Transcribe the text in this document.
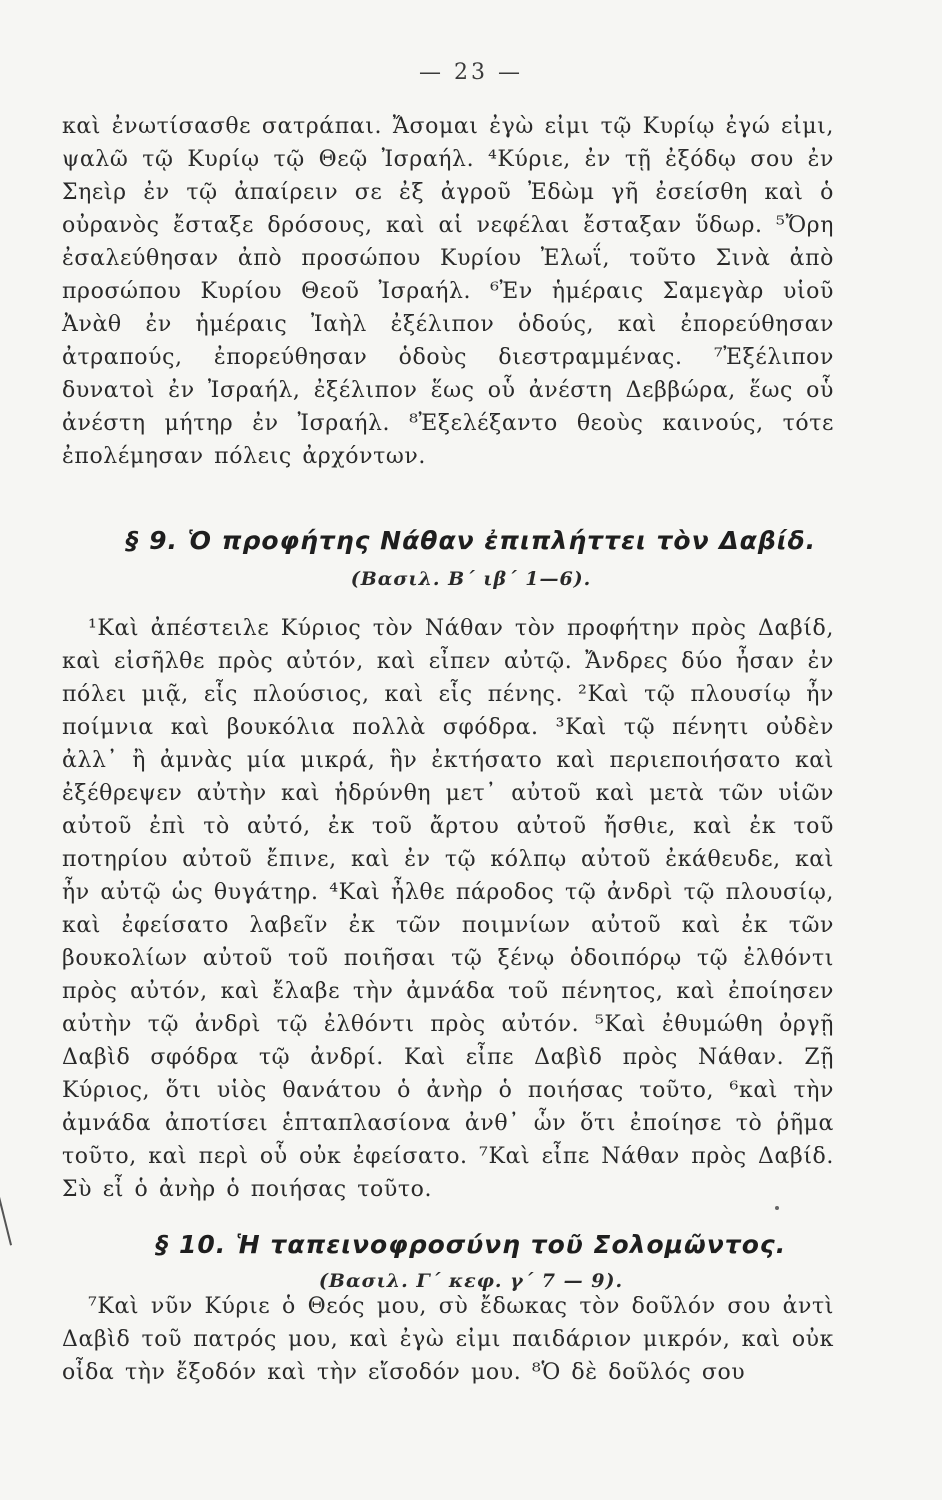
— 23 —

καὶ ἐνωτίσασθε σατράπαι. Ἄσομαι ἐγὼ εἰμι τῷ Κυρίῳ ἐγώ εἰμι, ψαλῶ τῷ Κυρίῳ τῷ Θεῷ Ἰσραήλ. ⁴Κύριε, ἐν τῇ ἐξόδῳ σου ἐν Σηεὶρ ἐν τῷ ἀπαίρειν σε ἐξ ἀγροῦ Ἐδὼμ γῆ ἐσείσθη καὶ ὁ οὐρανὸς ἔσταξε δρόσους, καὶ αἱ νεφέλαι ἔσταξαν ὕδωρ. ⁵Ὄρη ἐσαλεύθησαν ἀπὸ προσώπου Κυρίου Ἐλωΐ, τοῦτο Σινὰ ἀπὸ προσώπου Κυρίου Θεοῦ Ἰσραήλ. ⁶Ἐν ἡμέραις Σαμεγὰρ υἱοῦ Ἀνὰθ ἐν ἡμέραις Ἰαὴλ ἐξέλιπον ὁδούς, καὶ ἐπορεύθησαν ἀτραπούς, ἐπορεύθησαν ὁδοὺς διεστραμμένας. ⁷Ἐξέλιπον δυνατοὶ ἐν Ἰσραήλ, ἐξέλιπον ἕως οὗ ἀνέστη Δεββώρα, ἕως οὗ ἀνέστη μήτηρ ἐν Ἰσραήλ. ⁸Ἐξελέξαντο θεοὺς καινούς, τότε ἐπολέμησαν πόλεις ἀρχόντων.

§ 9. Ὁ προφήτης Νάθαν ἐπιπλήττει τὸν Δαβίδ.
(Βασιλ. Β΄ ιβ΄ 1—6).

¹Καὶ ἀπέστειλε Κύριος τὸν Νάθαν τὸν προφήτην πρὸς Δαβίδ, καὶ εἰσῆλθε πρὸς αὐτόν, καὶ εἶπεν αὐτῷ. Ἄνδρες δύο ἦσαν ἐν πόλει μιᾷ, εἷς πλούσιος, καὶ εἷς πένης. ²Καὶ τῷ πλουσίῳ ἦν ποίμνια καὶ βουκόλια πολλὰ σφόδρα. ³Καὶ τῷ πένητι οὐδὲν ἀλλ᾿ ἢ ἀμνὰς μία μικρά, ἣν ἐκτήσατο καὶ περιεποιήσατο καὶ ἐξέθρεψεν αὐτὴν καὶ ἡδρύνθη μετ᾿ αὐτοῦ καὶ μετὰ τῶν υἱῶν αὐτοῦ ἐπὶ τὸ αὐτό, ἐκ τοῦ ἄρτου αὐτοῦ ἤσθιε, καὶ ἐκ τοῦ ποτηρίου αὐτοῦ ἔπινε, καὶ ἐν τῷ κόλπῳ αὐτοῦ ἐκάθευδε, καὶ ἦν αὐτῷ ὡς θυγάτηρ. ⁴Καὶ ἦλθε πάροδος τῷ ἀνδρὶ τῷ πλουσίῳ, καὶ ἐφείσατο λαβεῖν ἐκ τῶν ποιμνίων αὐτοῦ καὶ ἐκ τῶν βουκολίων αὐτοῦ τοῦ ποιῆσαι τῷ ξένῳ ὁδοιπόρῳ τῷ ἐλθόντι πρὸς αὐτόν, καὶ ἔλαβε τὴν ἀμνάδα τοῦ πένητος, καὶ ἐποίησεν αὐτὴν τῷ ἀνδρὶ τῷ ἐλθόντι πρὸς αὐτόν. ⁵Καὶ ἐθυμώθη ὀργῇ Δαβὶδ σφόδρα τῷ ἀνδρί. Καὶ εἶπε Δαβὶδ πρὸς Νάθαν. Ζῇ Κύριος, ὅτι υἱὸς θανάτου ὁ ἀνὴρ ὁ ποιήσας τοῦτο, ⁶καὶ τὴν ἀμνάδα ἀποτίσει ἑπταπλασίονα ἀνθ᾿ ὧν ὅτι ἐποίησε τὸ ῥῆμα τοῦτο, καὶ περὶ οὗ οὐκ ἐφείσατο. ⁷Καὶ εἶπε Νάθαν πρὸς Δαβίδ. Σὺ εἶ ὁ ἀνὴρ ὁ ποιήσας τοῦτο.

§ 10. Ἡ ταπεινοφροσύνη τοῦ Σολομῶντος.
(Βασιλ. Γ΄ κεφ. γ΄ 7 — 9).

⁷Καὶ νῦν Κύριε ὁ Θεός μου, σὺ ἔδωκας τὸν δοῦλόν σου ἀντὶ Δαβὶδ τοῦ πατρός μου, καὶ ἐγὼ εἰμι παιδάριον μικρόν, καὶ οὐκ οἶδα τὴν ἔξοδόν καὶ τὴν εἴσοδόν μου. ⁸Ὁ δὲ δοῦλός σου
